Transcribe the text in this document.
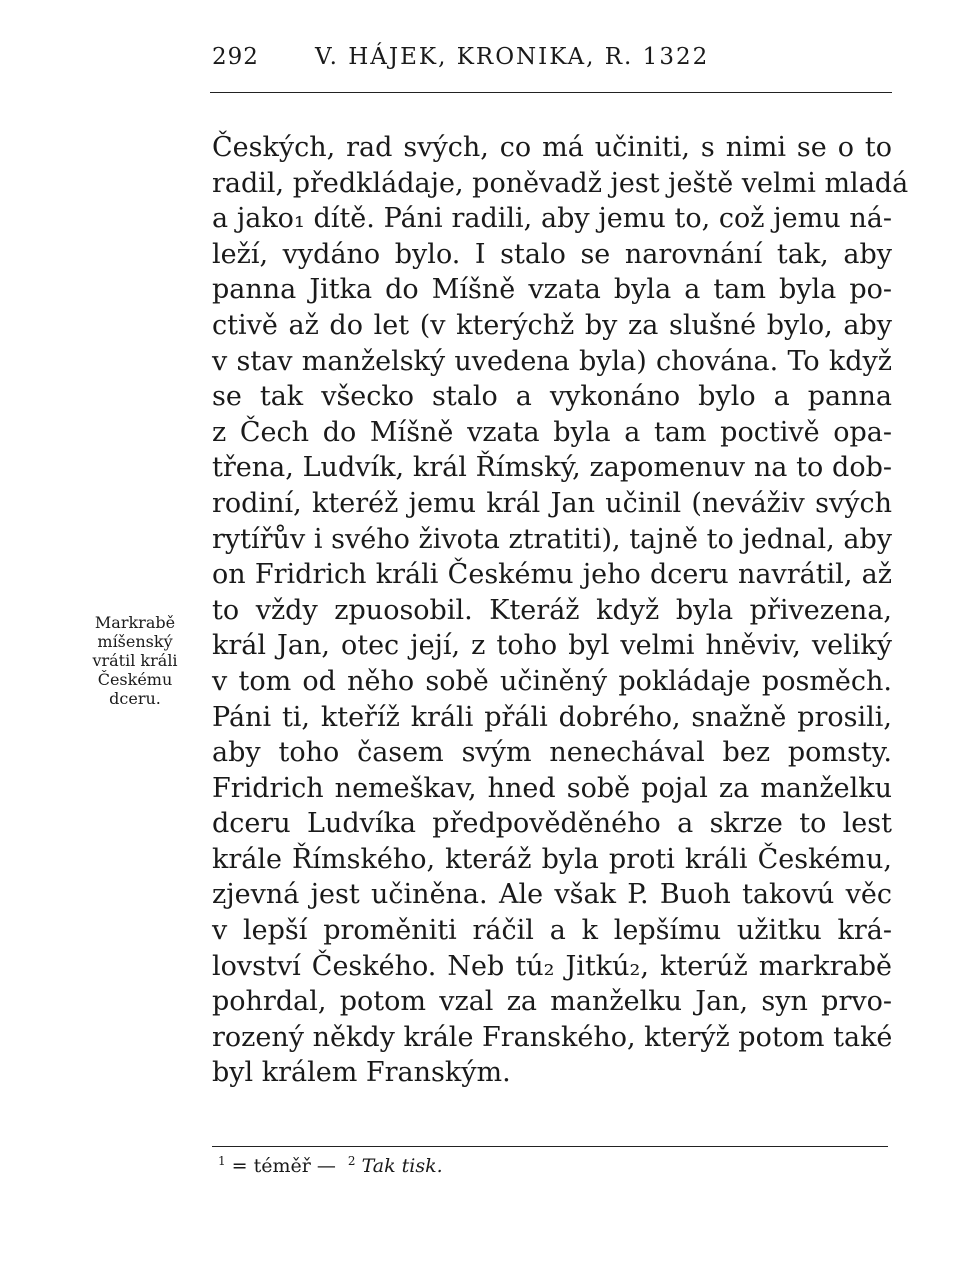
292 V. HÁJEK, KRONIKA, R. 1322
Českých, rad svých, co má učiniti, s nimi se o to
radil, předkládaje, poněvadž jest ještě velmi mladá
a jako₁ dítě. Páni radili, aby jemu to, což jemu ná-
leží, vydáno bylo. I stalo se narovnání tak, aby
panna Jitka do Míšně vzata byla a tam byla po-
ctivě až do let (v kterýchž by za slušné bylo, aby
v stav manželský uvedena byla) chována. To když
se tak všecko stalo a vykonáno bylo a panna
z Čech do Míšně vzata byla a tam poctivě opa-
třena, Ludvík, král Římský, zapomenuv na to dob-
rodiní, kteréž jemu král Jan učinil (neváživ svých
rytířův i svého života ztratiti), tajně to jednal, aby
on Fridrich králi Českému jeho dceru navrátil, až
to vždy zpuosobil. Kteráž když byla přivezena,
král Jan, otec její, z toho byl velmi hněviv, veliký
v tom od něho sobě učiněný pokládaje posměch.
Páni ti, kteříž králi přáli dobrého, snažně prosili,
aby toho časem svým nenechával bez pomsty.
Fridrich nemeškav, hned sobě pojal za manželku
dceru Ludvíka předpověděného a skrze to lest
krále Římského, kteráž byla proti králi Českému,
zjevná jest učiněna. Ale však P. Buoh takovú věc
v lepší proměniti ráčil a k lepšímu užitku krá-
lovství Českého. Neb tú₂ Jitkú₂, kterúž markrabě
pohrdal, potom vzal za manželku Jan, syn prvo-
rozený někdy krále Franského, kterýž potom také
byl králem Franským.
Markrabě
míšenský
vrátil králi
Českému
dceru.
$^1$ = téměř — $^2$ Tak tisk.
